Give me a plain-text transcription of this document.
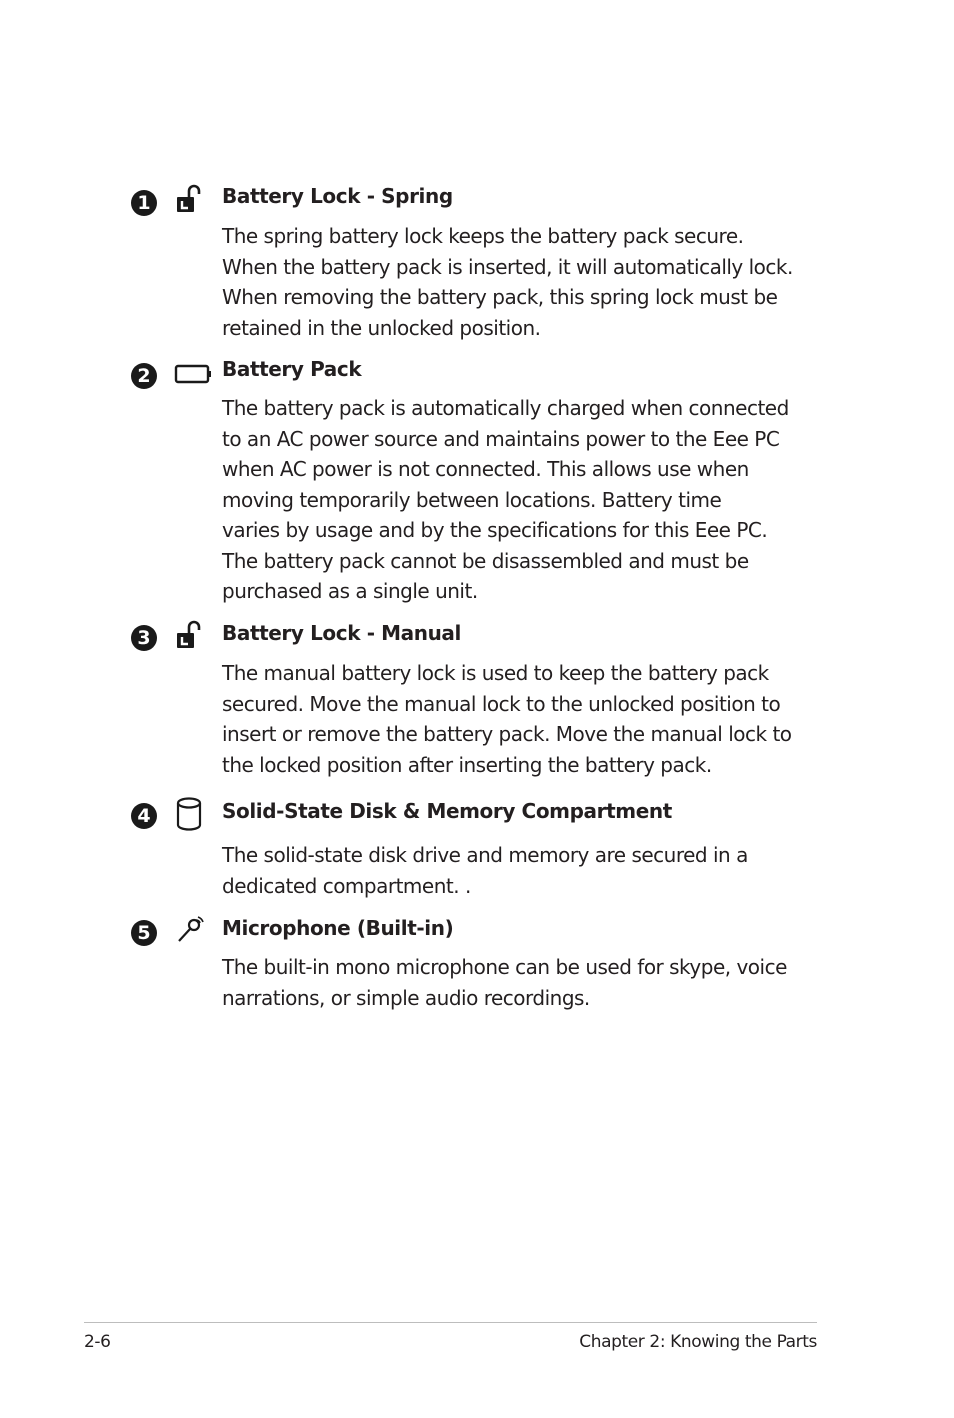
1	Battery Lock - Spring

The spring battery lock keeps the battery pack secure.
When the battery pack is inserted, it will automatically lock.
When removing the battery pack, this spring lock must be
retained in the unlocked position.

2	Battery Pack

The battery pack is automatically charged when connected
to an AC power source and maintains power to the Eee PC
when AC power is not connected. This allows use when
moving temporarily between locations. Battery time
varies by usage and by the specifications for this Eee PC.
The battery pack cannot be disassembled and must be
purchased as a single unit.

3	Battery Lock - Manual

The manual battery lock is used to keep the battery pack
secured. Move the manual lock to the unlocked position to
insert or remove the battery pack. Move the manual lock to
the locked position after inserting the battery pack.

4	Solid-State Disk & Memory Compartment

The solid-state disk drive and memory are secured in a
dedicated compartment. .

5	Microphone (Built-in)

The built-in mono microphone can be used for skype, voice
narrations, or simple audio recordings.

2-6	Chapter 2: Knowing the Parts
